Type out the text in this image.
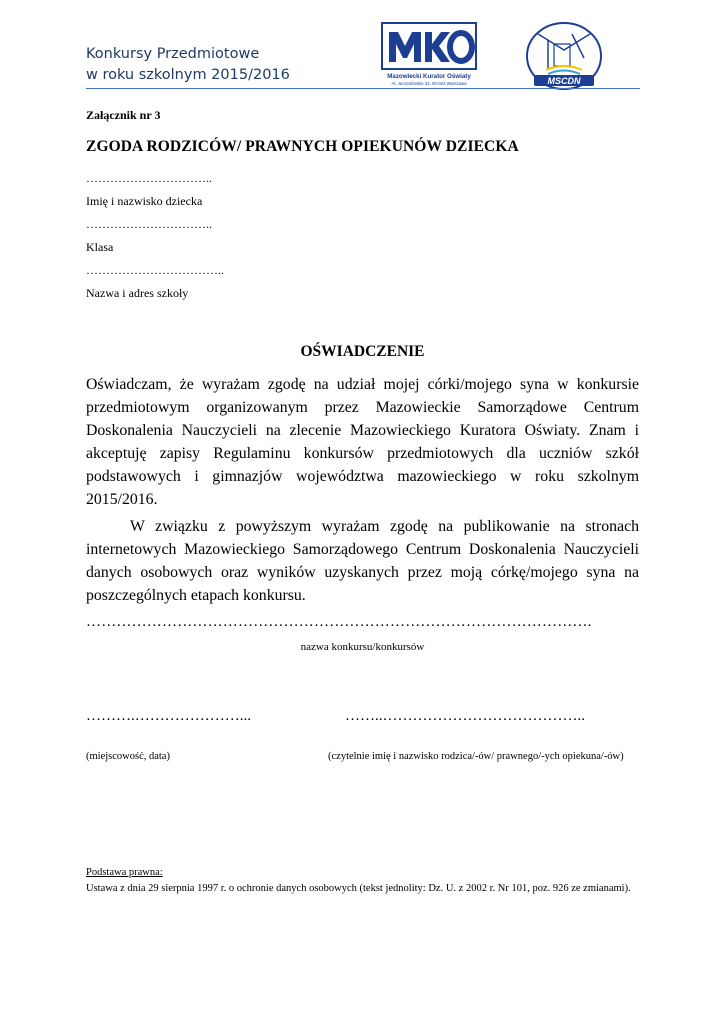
Konkursy Przedmiotowe
w roku szkolnym 2015/2016	Mazowiecki Kurator Oświaty
Al. Jerozolimskie 32, 00-024 Warszawa	MSCDN
Załącznik nr 3
ZGODA RODZICÓW/ PRAWNYCH OPIEKUNÓW DZIECKA
…………………………..
Imię i nazwisko dziecka
…………………………..
Klasa
……………………………..
Nazwa i adres szkoły
OŚWIADCZENIE
Oświadczam, że wyrażam zgodę na udział mojej córki/mojego syna w konkursie przedmiotowym organizowanym przez Mazowieckie Samorządowe Centrum Doskonalenia Nauczycieli na zlecenie Mazowieckiego Kuratora Oświaty. Znam i akceptuję zapisy Regulaminu konkursów przedmiotowych dla uczniów szkół podstawowych i gimnazjów województwa mazowieckiego w roku szkolnym 2015/2016.
W związku z powyższym wyrażam zgodę na publikowanie na stronach internetowych Mazowieckiego Samorządowego Centrum Doskonalenia Nauczycieli danych osobowych oraz wyników uzyskanych przez moją córkę/mojego syna na poszczególnych etapach konkursu.
……………………………………………………………………………………….
nazwa konkursu/konkursów
……….…………………...	……..…………………………………..
(miejscowość, data)	(czytelnie imię i nazwisko rodzica/-ów/ prawnego/-ych opiekuna/-ów)
Podstawa prawna:
Ustawa z dnia 29 sierpnia 1997 r. o ochronie danych osobowych (tekst jednolity: Dz. U. z 2002 r. Nr 101, poz. 926 ze zmianami).
